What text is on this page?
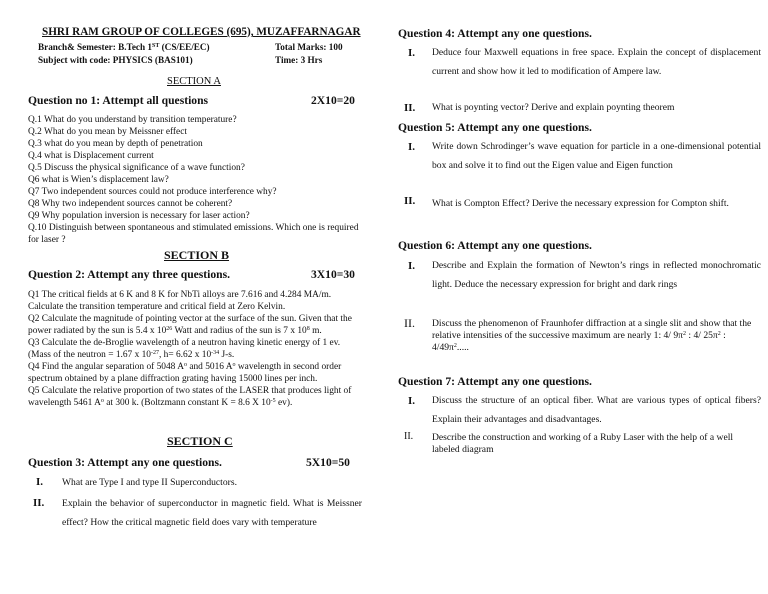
SHRI RAM GROUP OF COLLEGES (695), MUZAFFARNAGAR
Branch& Semester: B.Tech 1ST (CS/EE/EC)	Total Marks: 100
Subject with code: PHYSICS (BAS101)	Time: 3 Hrs
SECTION A
Question no 1: Attempt all questions	2X10=20
Q.1 What do you understand by transition temperature?
Q.2 What do you mean by Meissner effect
Q.3 what do you mean by depth of penetration
Q.4 what is Displacement current
Q.5 Discuss the physical significance of a wave function?
Q6 what is Wien’s displacement law?
Q7 Two independent sources could not produce interference why?
Q8 Why two independent sources cannot be coherent?
Q9 Why population inversion is necessary for laser action?
Q.10 Distinguish between spontaneous and stimulated emissions. Which one is required for laser ?
SECTION B
Question 2: Attempt any three questions.	3X10=30
Q1 The critical fields at 6 K and 8 K for NbTi alloys are 7.616 and 4.284 MA/m. Calculate the transition temperature and critical field at Zero Kelvin.
Q2 Calculate the magnitude of pointing vector at the surface of the sun. Given that the power radiated by the sun is 5.4 x $10^{26}$ Watt and radius of the sun is 7 x $10^8$ m.
Q3 Calculate the de-Broglie wavelength of a neutron having kinetic energy of 1 ev. (Mass of the neutron = 1.67 x $10^{-27}$, h= 6.62 x $10^{-34}$ J-s.
Q4 Find the angular separation of 5048 $A^o$ and 5016 $A^o$ wavelength in second order spectrum obtained by a plane diffraction grating having 15000 lines per inch.
Q5 Calculate the relative proportion of two states of the LASER that produces light of wavelength 5461 $A^o$ at 300 k. (Boltzmann constant K = 8.6 X $10^{-5}$ ev).
SECTION C
Question 3: Attempt any one questions.	5X10=50
I. What are Type I and type II Superconductors.
II. Explain the behavior of superconductor in magnetic field. What is Meissner effect? How the critical magnetic field does vary with temperature
Question 4: Attempt any one questions.
I. Deduce four Maxwell equations in free space. Explain the concept of displacement current and show how it led to modification of Ampere law.
II. What is poynting vector? Derive and explain poynting theorem
Question 5: Attempt any one questions.
I. Write down Schrodinger’s wave equation for particle in a one-dimensional potential box and solve it to find out the Eigen value and Eigen function
II. What is Compton Effect? Derive the necessary expression for Compton shift.
Question 6: Attempt any one questions.
I. Describe and Explain the formation of Newton’s rings in reflected monochromatic light. Deduce the necessary expression for bright and dark rings
II. Discuss the phenomenon of Fraunhofer diffraction at a single slit and show that the relative intensities of the successive maximum are nearly 1: 4/ $9\pi^2$ : 4/ $25\pi^2$ : $4/49\pi^2$.....
Question 7: Attempt any one questions.
I. Discuss the structure of an optical fiber. What are various types of optical fibers? Explain their advantages and disadvantages.
II. Describe the construction and working of a Ruby Laser with the help of a well labeled diagram
